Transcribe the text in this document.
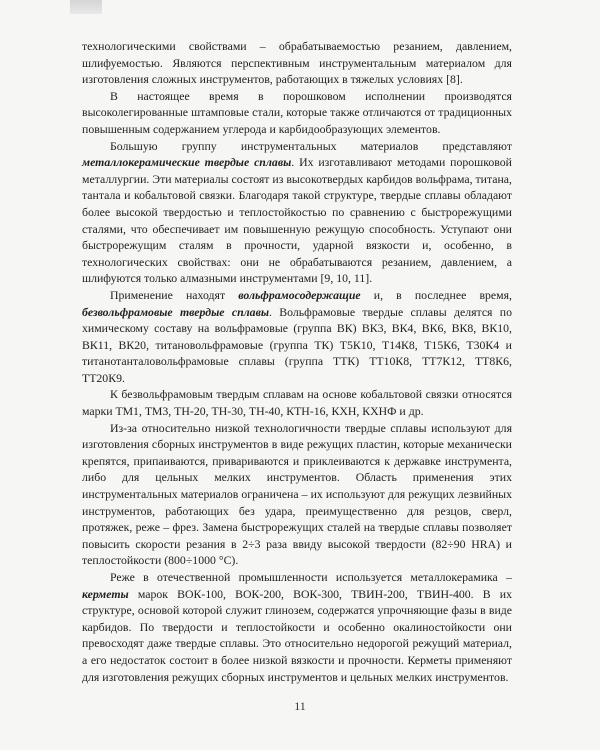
технологическими свойствами – обрабатываемостью резанием, давлением, шлифуемостью. Являются перспективным инструментальным материалом для изготовления сложных инструментов, работающих в тяжелых условиях [8].

В настоящее время в порошковом исполнении производятся высоколегированные штамповые стали, которые также отличаются от традиционных повышенным содержанием углерода и карбидообразующих элементов.

Большую группу инструментальных материалов представляют металлокерамические твердые сплавы. Их изготавливают методами порошковой металлургии. Эти материалы состоят из высокотвердых карбидов вольфрама, титана, тантала и кобальтовой связки. Благодаря такой структуре, твердые сплавы обладают более высокой твердостью и теплостойкостью по сравнению с быстрорежущими сталями, что обеспечивает им повышенную режущую способность. Уступают они быстрорежущим сталям в прочности, ударной вязкости и, особенно, в технологических свойствах: они не обрабатываются резанием, давлением, а шлифуются только алмазными инструментами [9, 10, 11].

Применение находят вольфрамосодержащие и, в последнее время, безвольфрамовые твердые сплавы. Вольфрамовые твердые сплавы делятся по химическому составу на вольфрамовые (группа ВК) ВК3, ВК4, ВК6, ВК8, ВК10, ВК11, ВК20, титановольфрамовые (группа ТК) Т5К10, Т14К8, Т15К6, Т30К4 и титанотанталовольфрамовые сплавы (группа ТТК) ТТ10К8, ТТ7К12, ТТ8К6, ТТ20К9.

К безвольфрамовым твердым сплавам на основе кобальтовой связки относятся марки ТМ1, ТМ3, ТН-20, ТН-30, ТН-40, КТН-16, КХН, КХНФ и др.

Из-за относительно низкой технологичности твердые сплавы используют для изготовления сборных инструментов в виде режущих пластин, которые механически крепятся, припаиваются, привариваются и приклеиваются к державке инструмента, либо для цельных мелких инструментов. Область применения этих инструментальных материалов ограничена – их используют для режущих лезвийных инструментов, работающих без удара, преимущественно для резцов, сверл, протяжек, реже – фрез. Замена быстрорежущих сталей на твердые сплавы позволяет повысить скорости резания в 2÷3 раза ввиду высокой твердости (82÷90 HRA) и теплостойкости (800÷1000 °C).

Реже в отечественной промышленности используется металлокерамика – керметы марок ВОК-100, ВОК-200, ВОК-300, ТВИН-200, ТВИН-400. В их структуре, основой которой служит глинозем, содержатся упрочняющие фазы в виде карбидов. По твердости и теплостойкости и особенно окалиностойкости они превосходят даже твердые сплавы. Это относительно недорогой режущий материал, а его недостаток состоит в более низкой вязкости и прочности. Керметы применяют для изготовления режущих сборных инструментов и цельных мелких инструментов.

11
